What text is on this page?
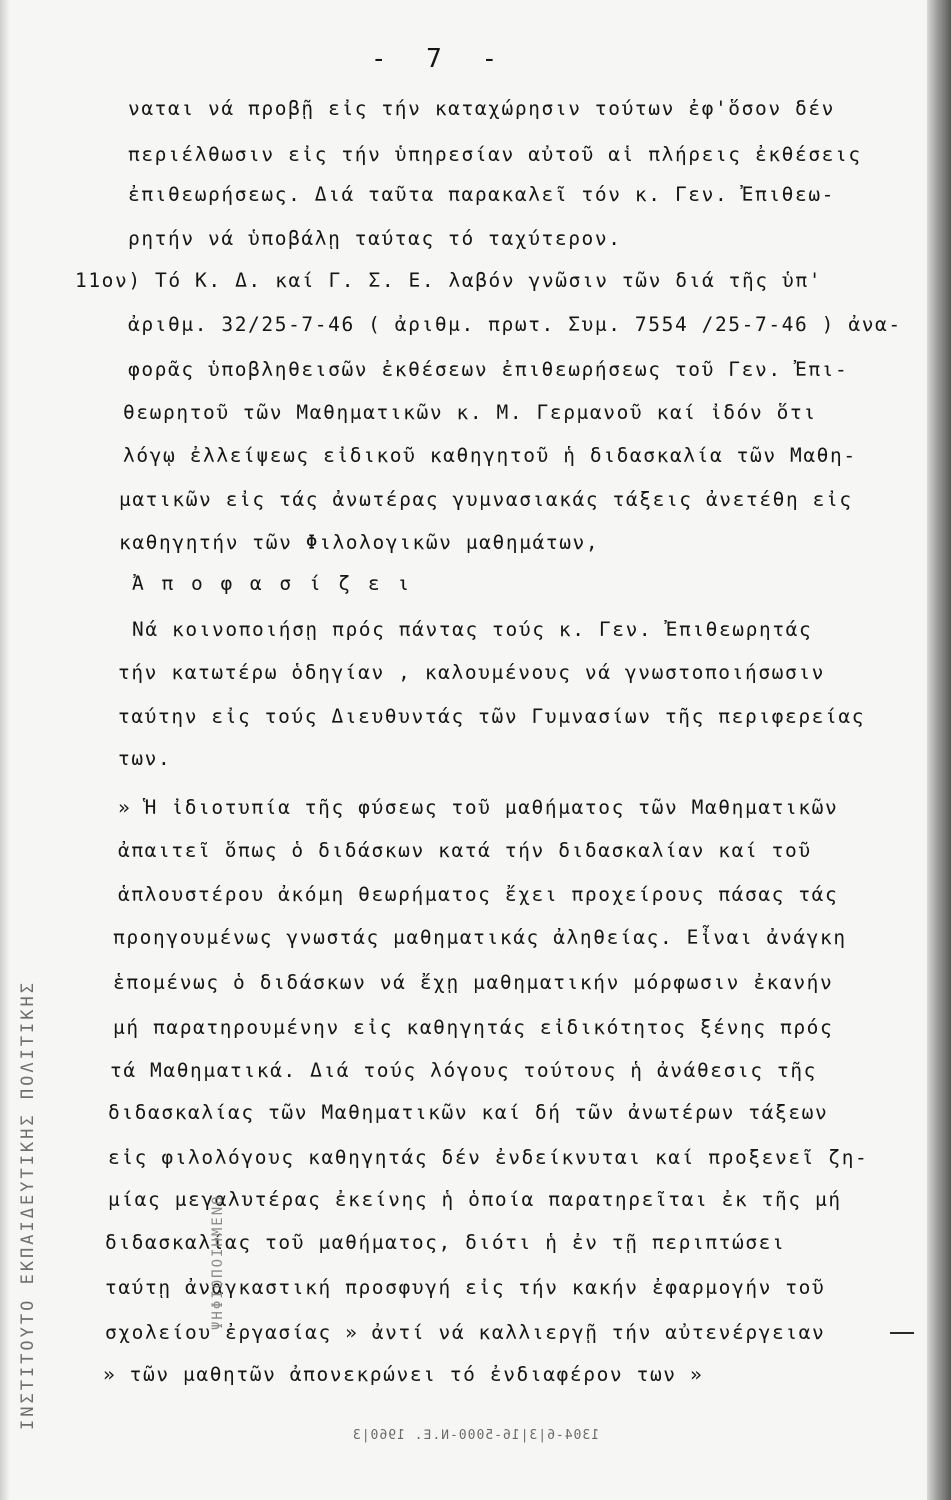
- 7 -
ναται νά προβῇ εἰς τήν καταχώρησιν τούτων ἐφ'ὅσον δέν
περιέλθωσιν εἰς τήν ὑπηρεσίαν αὐτοῦ αἱ πλήρεις ἐκθέσεις
ἐπιθεωρήσεως. Διά ταῦτα παρακαλεῖ τόν κ. Γεν. Ἐπιθεω-
ρητήν νά ὑποβάλῃ ταύτας τό ταχύτερον.
11ον) Τό Κ. Δ. καί Γ. Σ. Ε. λαβόν γνῶσιν τῶν διά τῆς ὑπ'
ἀριθμ. 32/25-7-46 ( ἀριθμ. πρωτ. Συμ. 7554 /25-7-46 ) ἀνα-
φορᾶς ὑποβληθεισῶν ἐκθέσεων ἐπιθεωρήσεως τοῦ Γεν. Ἐπι-
θεωρητοῦ τῶν Μαθηματικῶν κ. Μ. Γερμανοῦ καί ἰδόν ὅτι
λόγῳ ἐλλείψεως εἰδικοῦ καθηγητοῦ ἡ διδασκαλία τῶν Μαθη-
ματικῶν εἰς τάς ἀνωτέρας γυμνασιακάς τάξεις ἀνετέθη εἰς
καθηγητήν τῶν Φιλολογικῶν μαθημάτων,
Ἀ π ο φ α σ ί ζ ε ι
Νά κοινοποιήσῃ πρός πάντας τούς κ. Γεν. Ἐπιθεωρητάς
τήν κατωτέρω ὁδηγίαν , καλουμένους νά γνωστοποιήσωσιν
ταύτην εἰς τούς Διευθυντάς τῶν Γυμνασίων τῆς περιφερείας
των.
» Ἡ ἰδιοτυπία τῆς φύσεως τοῦ μαθήματος τῶν Μαθηματικῶν
ἀπαιτεῖ ὅπως ὁ διδάσκων κατά τήν διδασκαλίαν καί τοῦ
ἁπλουστέρου ἀκόμη θεωρήματος ἔχει προχείρους πάσας τάς
προηγουμένως γνωστάς μαθηματικάς ἀληθείας. Εἶναι ἀνάγκη
ἑπομένως ὁ διδάσκων νά ἔχῃ μαθηματικήν μόρφωσιν ἐκανήν
μή παρατηρουμένην εἰς καθηγητάς εἰδικότητος ξένης πρός
τά Μαθηματικά. Διά τούς λόγους τούτους ἡ ἀνάθεσις τῆς
διδασκαλίας τῶν Μαθηματικῶν καί δή τῶν ἀνωτέρων τάξεων
εἰς φιλολόγους καθηγητάς δέν ἐνδείκνυται καί προξενεῖ ζη-
μίας μεγαλυτέρας ἐκείνης ἡ ὁποία παρατηρεῖται ἐκ τῆς μή
διδασκαλίας τοῦ μαθήματος, διότι ἡ ἐν τῇ περιπτώσει
ταύτῃ ἀναγκαστική προσφυγή εἰς τήν κακήν ἐφαρμογήν τοῦ
σχολείου ἐργασίας » ἀντί νά καλλιεργῇ τήν αὐτενέργειαν
» τῶν μαθητῶν ἀπονεκρώνει τό ἐνδιαφέρον των »
ΙΝΣΤΙΤΟΥΤΟ ΕΚΠΑΙΔΕΥΤΙΚΗΣ ΠΟΛΙΤΙΚΗΣ	ΨΗΦΙΟΠΟΙΗΜΕΝΟ
1304-6|3|16-5000-Ν.Ε. 1960|3
